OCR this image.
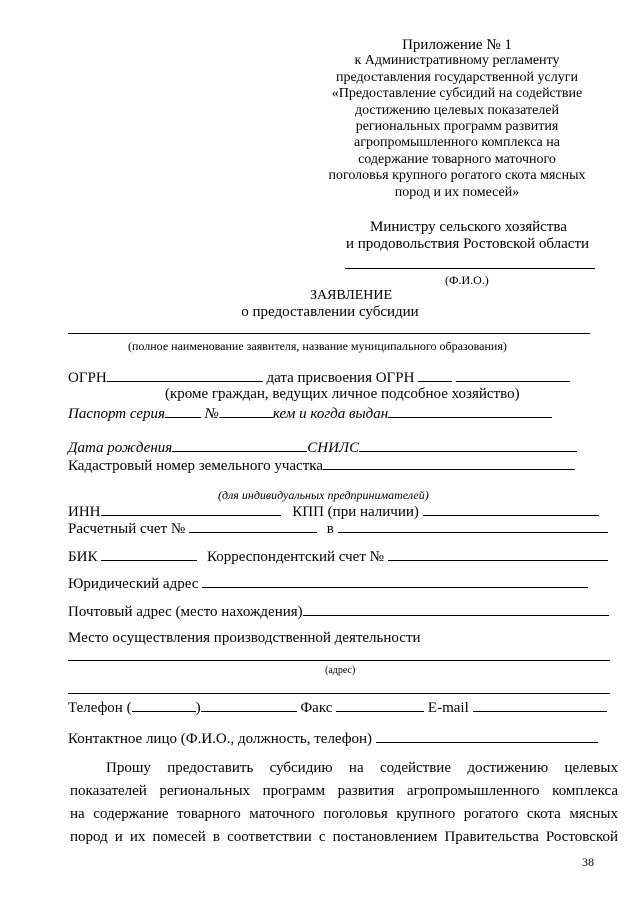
Приложение № 1
к Административному регламенту
предоставления государственной услуги
«Предоставление субсидий на содействие
достижению целевых показателей
региональных программ развития
агропромышленного комплекса на
содержание товарного маточного
поголовья крупного рогатого скота мясных
пород и их помесей»
Министру сельского хозяйства
и продовольствия Ростовской области
(Ф.И.О.)
ЗАЯВЛЕНИЕ
о предоставлении субсидии
(полное наименование заявителя, название муниципального образования)
ОГРН	дата присвоения ОГРН
(кроме граждан, ведущих личное подсобное хозяйство)
Паспорт серия	№	кем и когда выдан
Дата рождения	СНИЛС
Кадастровый номер земельного участка
(для индивидуальных предпринимателей)
ИНН	КПП (при наличии)
Расчетный счет №	в
БИК	Корреспондентский счет №
Юридический адрес
Почтовый адрес (место нахождения)
Место осуществления производственной деятельности
(адрес)
Телефон (	)	Факс	E-mail
Контактное лицо (Ф.И.О., должность, телефон)
Прошу предоставить субсидию на содействие достижению целевых
показателей региональных программ развития агропромышленного комплекса
на содержание товарного маточного поголовья крупного рогатого скота мясных
пород и их помесей в соответствии с постановлением Правительства Ростовской
38
